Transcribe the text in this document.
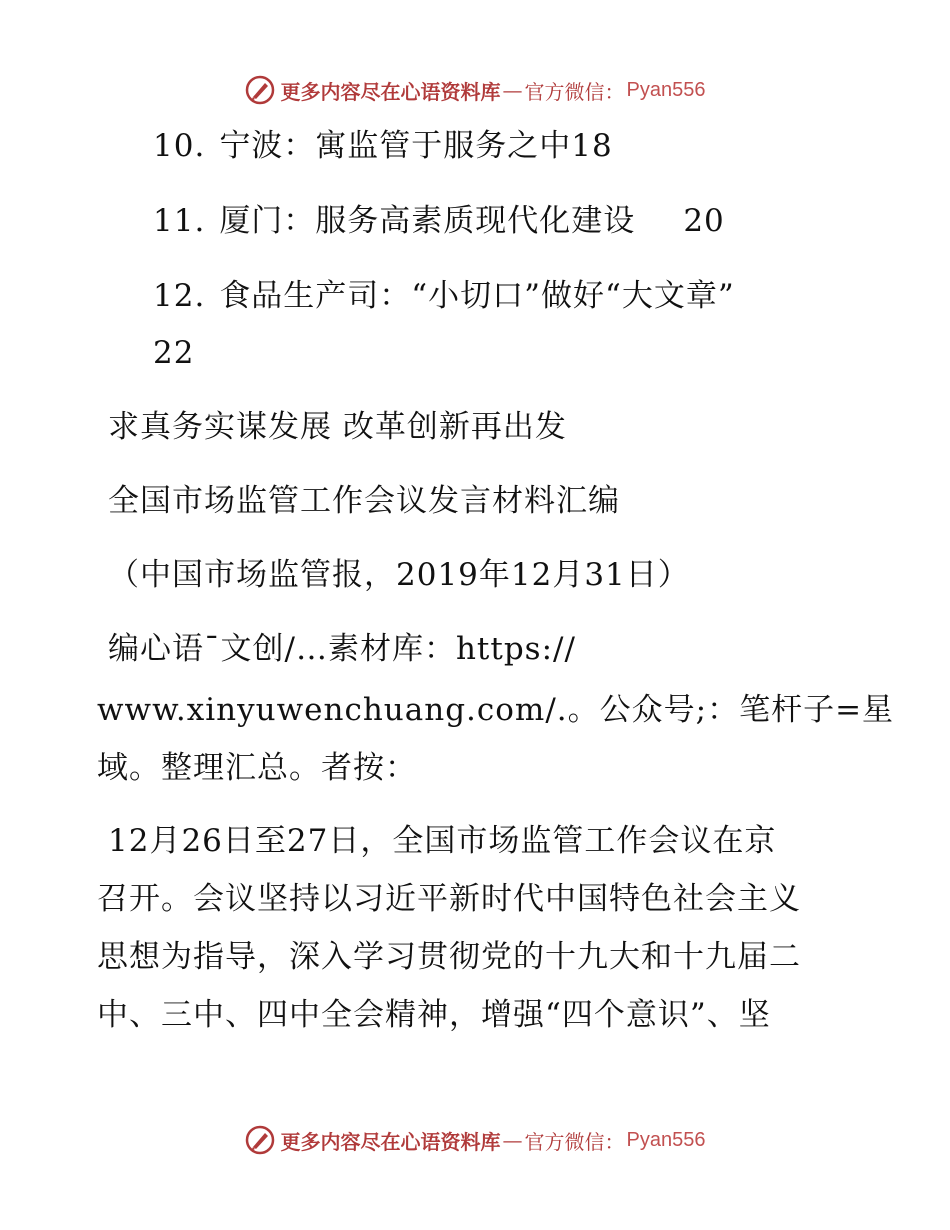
更多内容尽在心语资料库 — 官方微信： Pyan556
10. 宁波：寓监管于服务之中18
11. 厦门：服务高素质现代化建设 20
12. 食品生产司：“小切口”做好“大文章”
22
求真务实谋发展 改革创新再出发
全国市场监管工作会议发言材料汇编
（中国市场监管报，2019年12月31日）
编心语¯文创/…素材库：https://
www.xinyuwenchuang.com/.。公众号;：笔杆子=星
域。整理汇总。者按：
12月26日至27日，全国市场监管工作会议在京
召开。会议坚持以习近平新时代中国特色社会主义
思想为指导，深入学习贯彻党的十九大和十九届二
中、三中、四中全会精神，增强“四个意识”、坚
更多内容尽在心语资料库 — 官方微信： Pyan556
